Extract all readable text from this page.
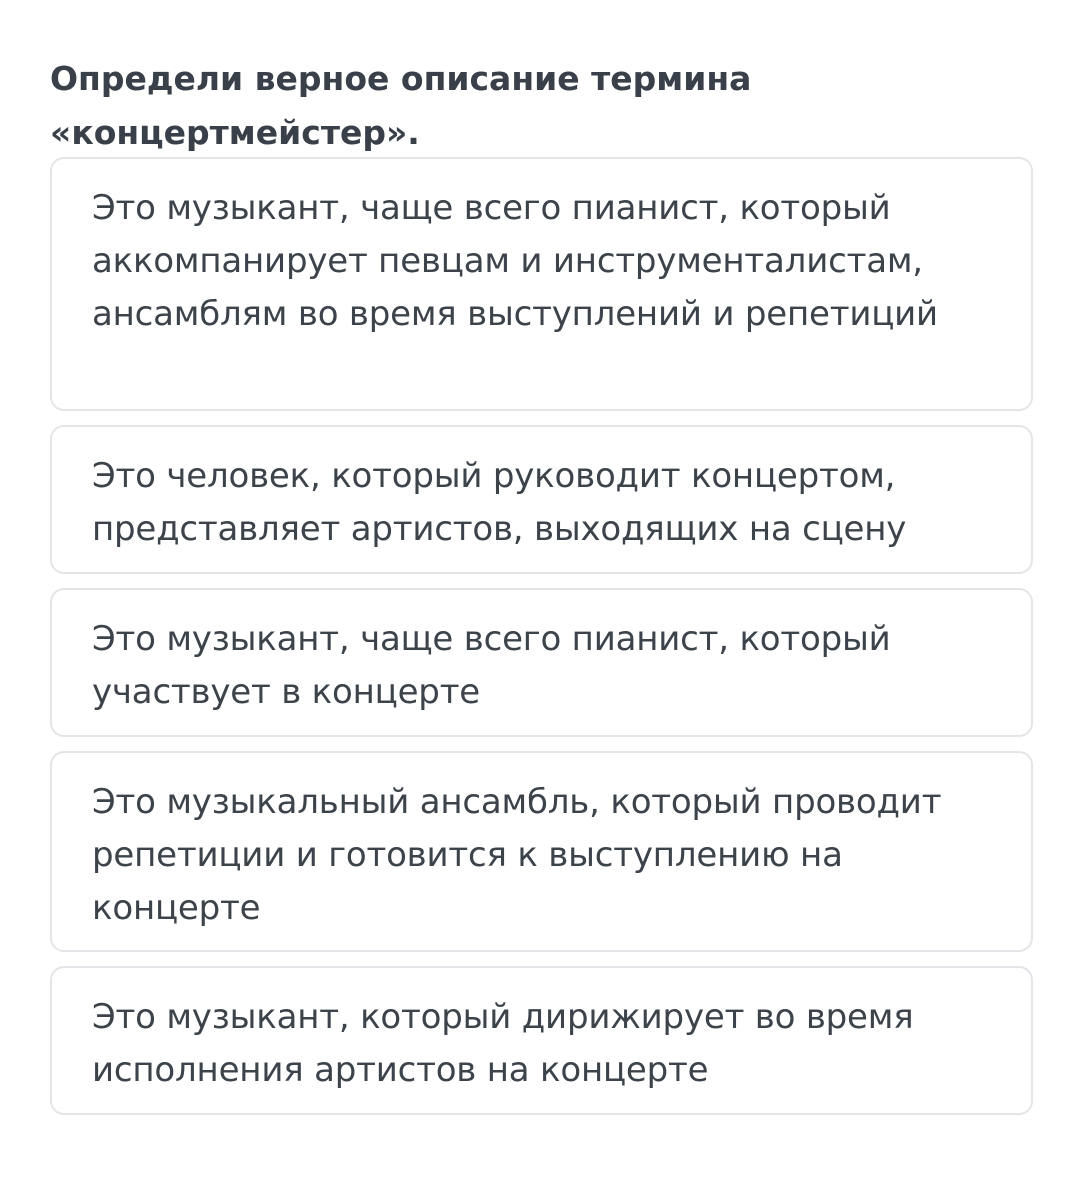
Определи верное описание термина «концертмейстер».
Это музыкант, чаще всего пианист, который аккомпанирует певцам и инструменталистам, ансамблям во время выступлений и репетиций
Это человек, который руководит концертом, представляет артистов, выходящих на сцену
Это музыкант, чаще всего пианист, который участвует в концерте
Это музыкальный ансамбль, который проводит репетиции и готовится к выступлению на концерте
Это музыкант, который дирижирует во время исполнения артистов на концерте
